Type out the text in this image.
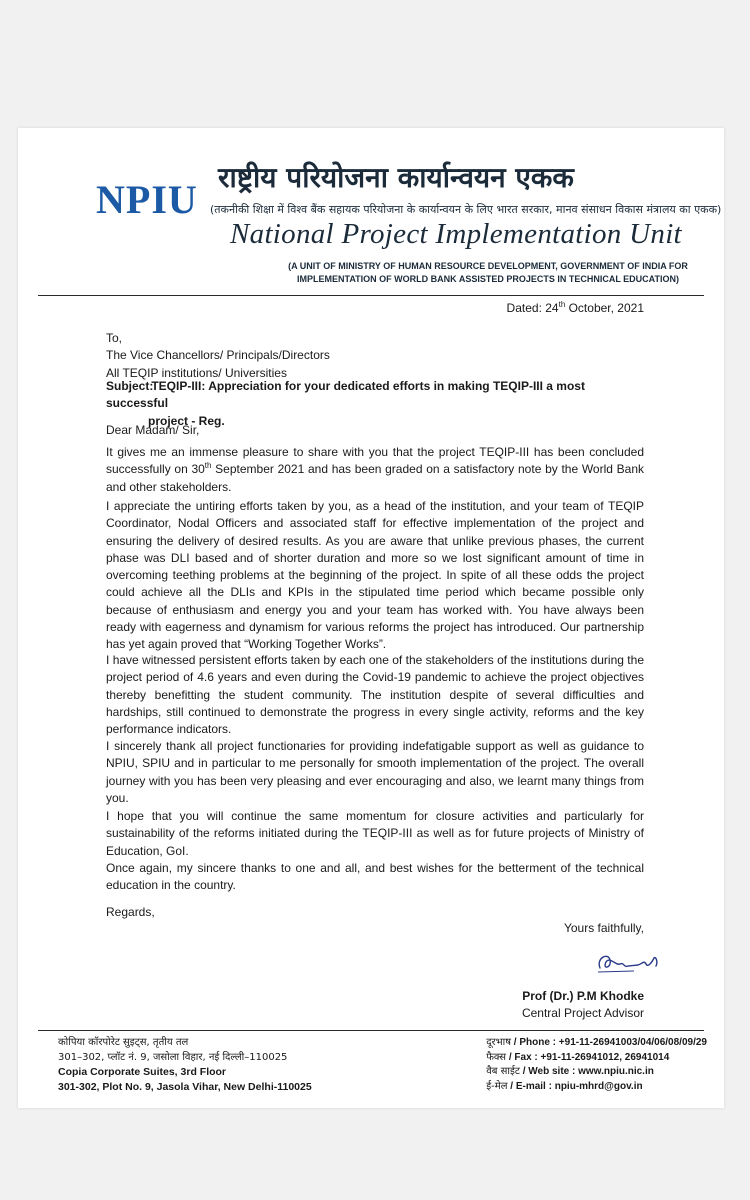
NPIU राष्ट्रीय परियोजना कार्यान्वयन एकक
(तकनीकी शिक्षा में विश्व बैंक सहायक परियोजना के कार्यान्वयन के लिए भारत सरकार, मानव संसाधन विकास मंत्रालय का एकक)
National Project Implementation Unit
(A UNIT OF MINISTRY OF HUMAN RESOURCE DEVELOPMENT, GOVERNMENT OF INDIA FOR
IMPLEMENTATION OF WORLD BANK ASSISTED PROJECTS IN TECHNICAL EDUCATION)
Dated: 24th October, 2021
To,
The Vice Chancellors/ Principals/Directors
All TEQIP institutions/ Universities
Subject: TEQIP-III: Appreciation for your dedicated efforts in making TEQIP-III a most successful
project - Reg.
Dear Madam/ Sir,
It gives me an immense pleasure to share with you that the project TEQIP-III has been concluded successfully on 30th September 2021 and has been graded on a satisfactory note by the World Bank and other stakeholders.
I appreciate the untiring efforts taken by you, as a head of the institution, and your team of TEQIP Coordinator, Nodal Officers and associated staff for effective implementation of the project and ensuring the delivery of desired results. As you are aware that unlike previous phases, the current phase was DLI based and of shorter duration and more so we lost significant amount of time in overcoming teething problems at the beginning of the project. In spite of all these odds the project could achieve all the DLIs and KPIs in the stipulated time period which became possible only because of enthusiasm and energy you and your team has worked with. You have always been ready with eagerness and dynamism for various reforms the project has introduced. Our partnership has yet again proved that “Working Together Works”.
I have witnessed persistent efforts taken by each one of the stakeholders of the institutions during the project period of 4.6 years and even during the Covid-19 pandemic to achieve the project objectives thereby benefitting the student community. The institution despite of several difficulties and hardships, still continued to demonstrate the progress in every single activity, reforms and the key performance indicators.
I sincerely thank all project functionaries for providing indefatigable support as well as guidance to NPIU, SPIU and in particular to me personally for smooth implementation of the project. The overall journey with you has been very pleasing and ever encouraging and also, we learnt many things from you.
I hope that you will continue the same momentum for closure activities and particularly for sustainability of the reforms initiated during the TEQIP-III as well as for future projects of Ministry of Education, GoI.
Once again, my sincere thanks to one and all, and best wishes for the betterment of the technical education in the country.
Regards,
Yours faithfully,
Prof (Dr.) P.M Khodke
Central Project Advisor
कोपिया कॉरपोरेट सुइट्स, तृतीय तल
301–302, प्लॉट नं. 9, जसोला विहार, नई दिल्ली–110025
Copia Corporate Suites, 3rd Floor
301-302, Plot No. 9, Jasola Vihar, New Delhi-110025
दूरभाष / Phone : +91-11-26941003/04/06/08/09/29
फैक्स / Fax : +91-11-26941012, 26941014
वैब साईट / Web site : www.npiu.nic.in
ई-मेल / E-mail : npiu-mhrd@gov.in
